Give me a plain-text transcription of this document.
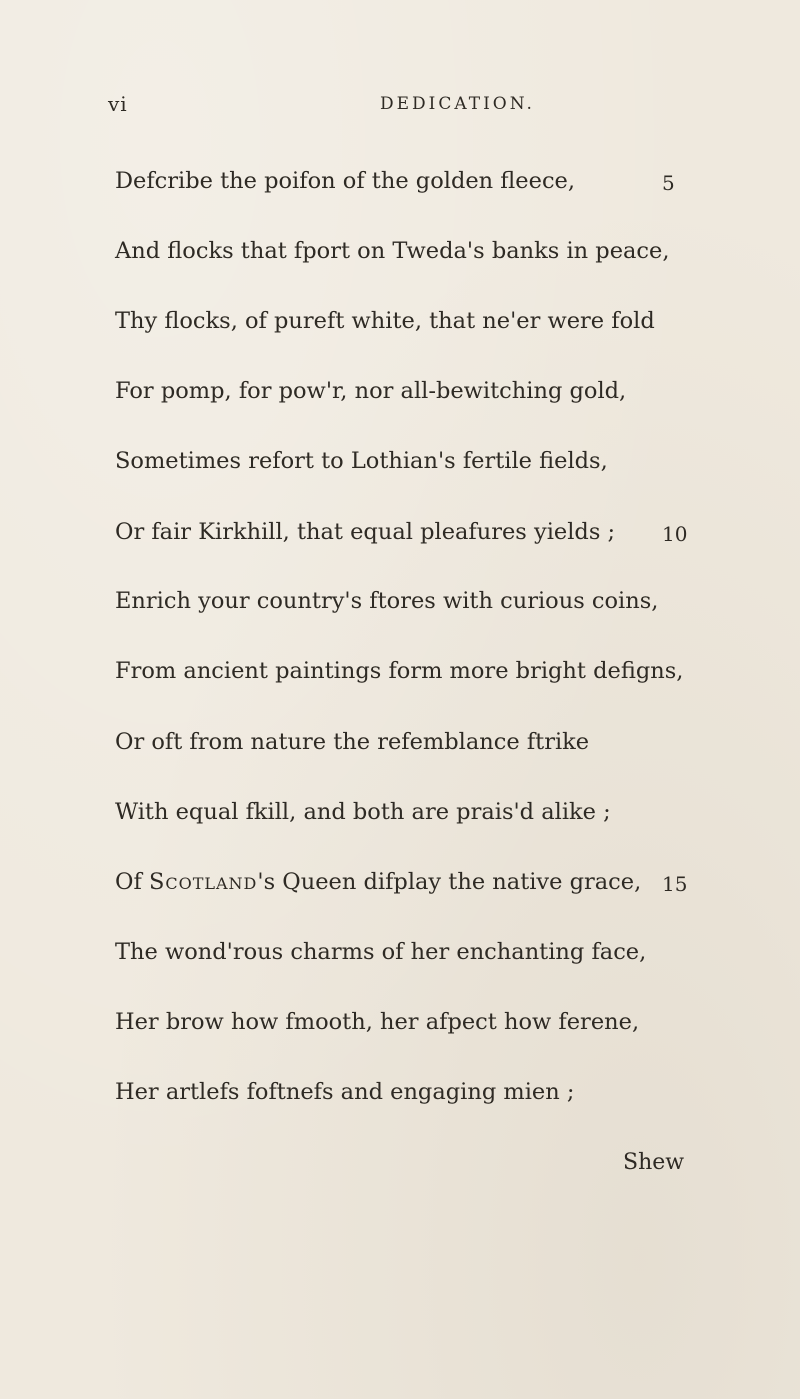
vi	DEDICATION.
Defcribe the poifon of the golden fleece,	5
And flocks that fport on Tweda's banks in peace,
Thy flocks, of pureft white, that ne'er were fold
For pomp, for pow'r, nor all-bewitching gold,
Sometimes refort to Lothian's fertile fields,
Or fair Kirkhill, that equal pleafures yields ; 10
Enrich your country's ftores with curious coins,
From ancient paintings form more bright defigns,
Or oft from nature the refemblance ftrike
With equal fkill, and both are prais'd alike ;
Of Scotland's Queen difplay the native grace, 15
The wond'rous charms of her enchanting face,
Her brow how fmooth, her afpect how ferene,
Her artlefs foftnefs and engaging mien ;
Shew
